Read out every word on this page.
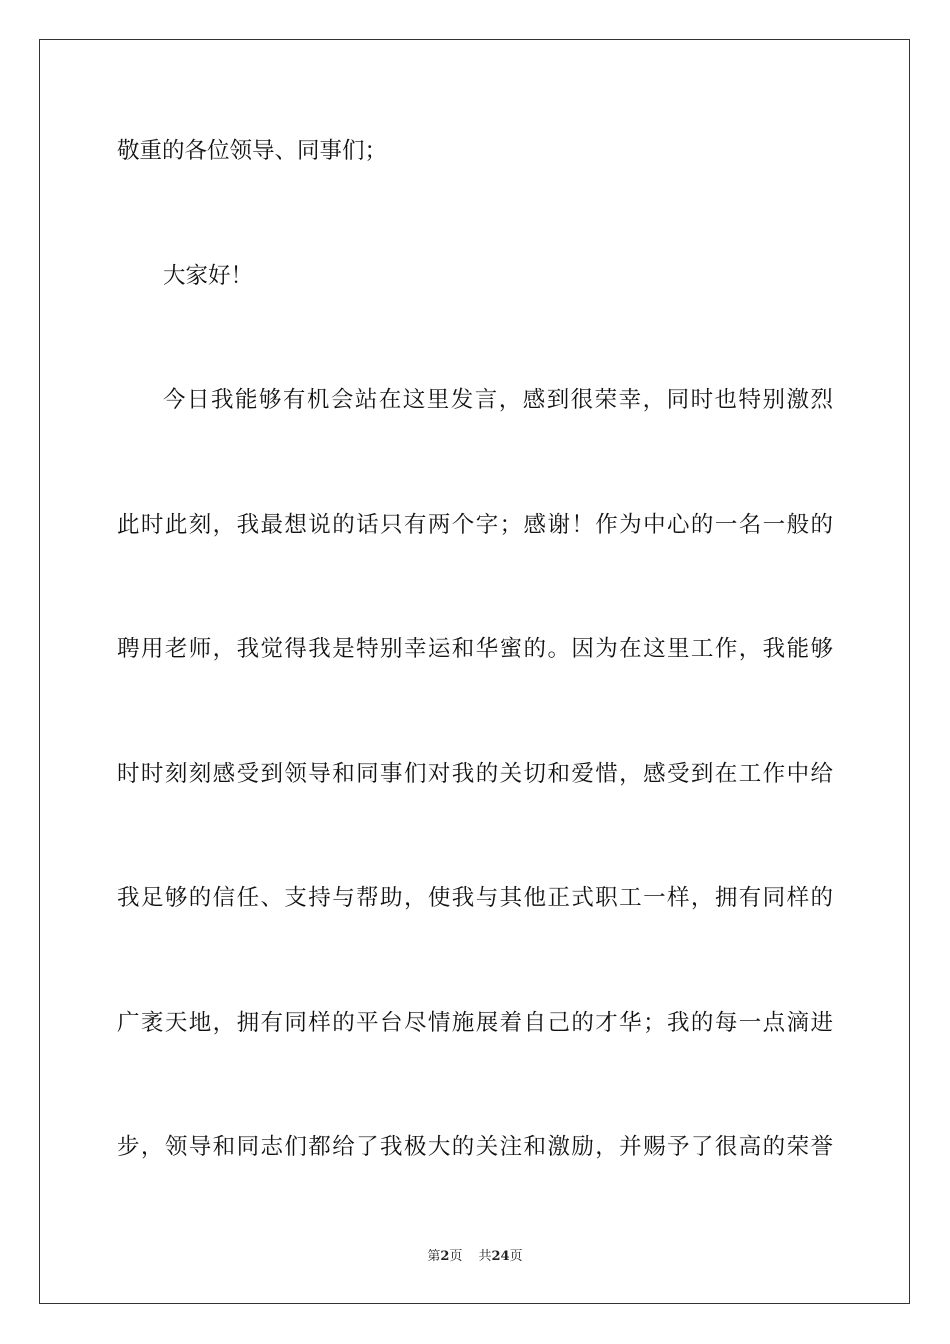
敬重的各位领导、同事们；
大家好！
今日我能够有机会站在这里发言，感到很荣幸，同时也特别激烈
此时此刻，我最想说的话只有两个字；感谢！作为中心的一名一般的
聘用老师，我觉得我是特别幸运和华蜜的。因为在这里工作，我能够
时时刻刻感受到领导和同事们对我的关切和爱惜，感受到在工作中给
我足够的信任、支持与帮助，使我与其他正式职工一样，拥有同样的
广袤天地，拥有同样的平台尽情施展着自己的才华；我的每一点滴进
步，领导和同志们都给了我极大的关注和激励，并赐予了很高的荣誉
第2页 共24页
